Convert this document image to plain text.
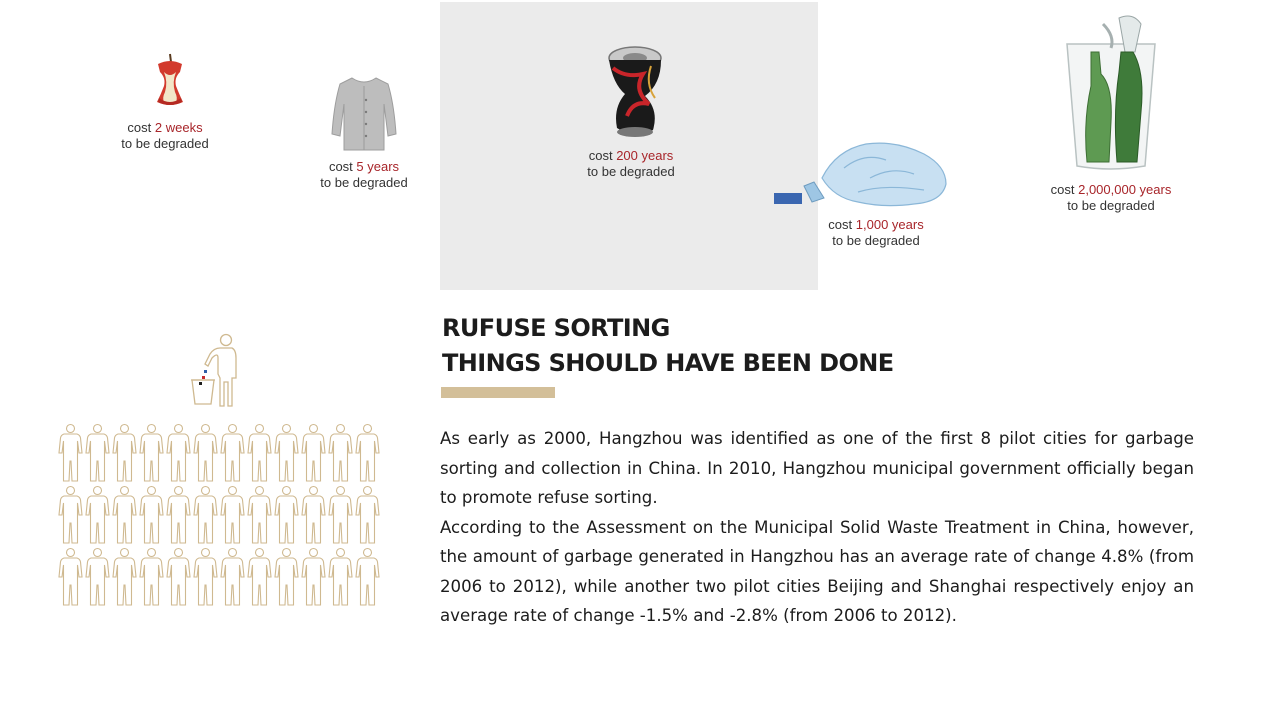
cost 2 weeks
to be degraded
cost 5 years
to be degraded
cost 200 years
to be degraded
cost 1,000 years
to be degraded
cost 2,000,000 years
to be degraded
RUFUSE SORTING
THINGS SHOULD HAVE BEEN DONE

As early as 2000, Hangzhou was identified as one of the first 8 pilot cities for garbage sorting and collection in China. In 2010, Hangzhou municipal government officially began to promote refuse sorting.

According to the Assessment on the Municipal Solid Waste Treatment in China, however, the amount of garbage generated in Hangzhou has an average rate of change 4.8% (from 2006 to 2012), while another two pilot cities Beijing and Shanghai respectively enjoy an average rate of change -1.5% and -2.8% (from 2006 to 2012).
